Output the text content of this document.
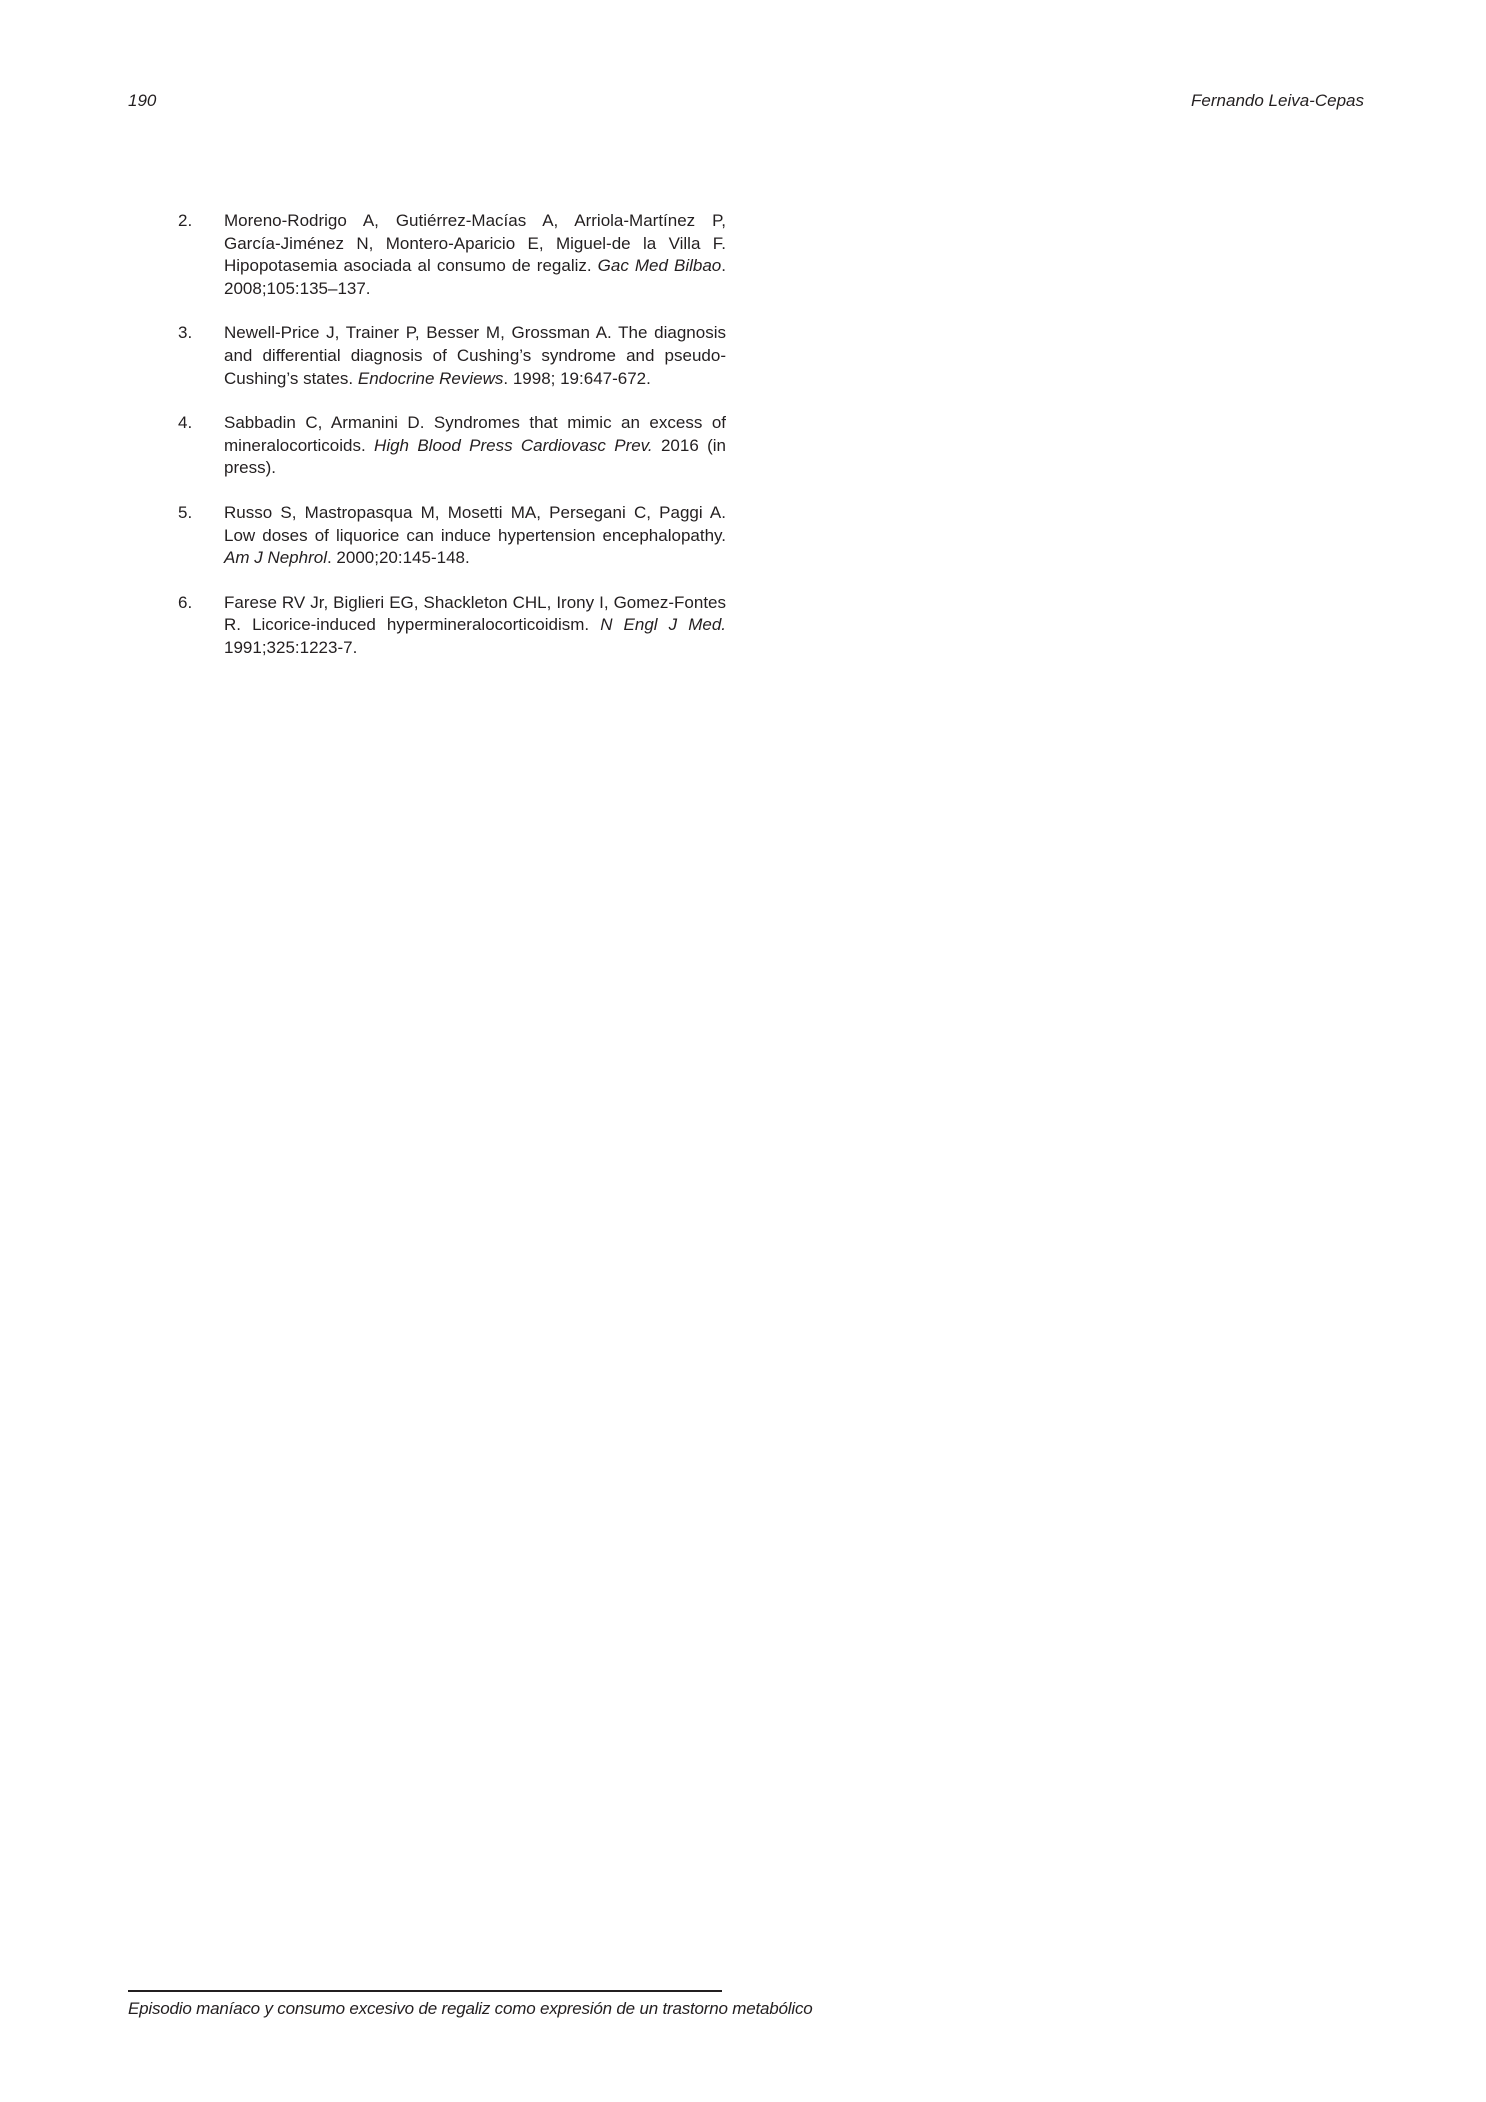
190	Fernando Leiva-Cepas
2.	Moreno-Rodrigo A, Gutiérrez-Macías A, Arriola-Martínez P, García-Jiménez N, Montero-Aparicio E, Miguel-de la Villa F. Hipopotasemia asociada al consumo de regaliz. Gac Med Bilbao. 2008;105:135–137.
3.	Newell-Price J, Trainer P, Besser M, Grossman A. The diagnosis and differential diagnosis of Cushing’s syndrome and pseudo-Cushing’s states. Endocrine Reviews. 1998; 19:647-672.
4.	Sabbadin C, Armanini D. Syndromes that mimic an excess of mineralocorticoids. High Blood Press Cardiovasc Prev. 2016 (in press).
5.	Russo S, Mastropasqua M, Mosetti MA, Persegani C, Paggi A. Low doses of liquorice can induce hypertension encephalopathy. Am J Nephrol. 2000;20:145-148.
6.	Farese RV Jr, Biglieri EG, Shackleton CHL, Irony I, Gomez-Fontes R. Licorice-induced hypermineralocorticoidism. N Engl J Med. 1991;325:1223-7.
Episodio maníaco y consumo excesivo de regaliz como expresión de un trastorno metabólico
